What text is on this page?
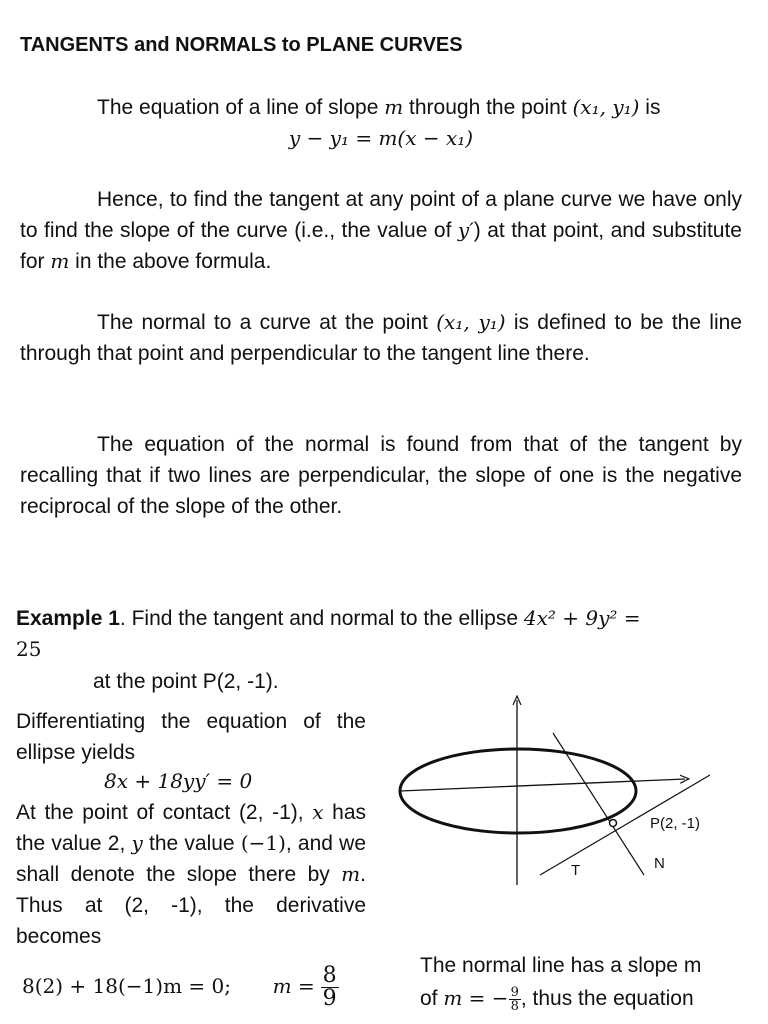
TANGENTS and NORMALS to PLANE CURVES
The equation of a line of slope m through the point (x₁, y₁) is
y − y₁ = m(x − x₁)
Hence, to find the tangent at any point of a plane curve we have only to find the slope of the curve (i.e., the value of y′) at that point, and substitute for m in the above formula.
The normal to a curve at the point (x₁, y₁) is defined to be the line through that point and perpendicular to the tangent line there.
The equation of the normal is found from that of the tangent by recalling that if two lines are perpendicular, the slope of one is the negative reciprocal of the slope of the other.
Example 1. Find the tangent and normal to the ellipse 4x² + 9y² =
25
at the point P(2, -1).
Differentiating the equation of the ellipse yields
8x + 18yy′ = 0
At the point of contact (2, -1), x has the value 2, y the value (−1), and we shall denote the slope there by m. Thus at (2, -1), the derivative becomes
8(2) + 18(−1)m = 0; $m = \frac{8}{9}$	The normal line has a slope m
of m = − $\frac{9}{8}$ , thus the equation
P(2, -1)
T	N
